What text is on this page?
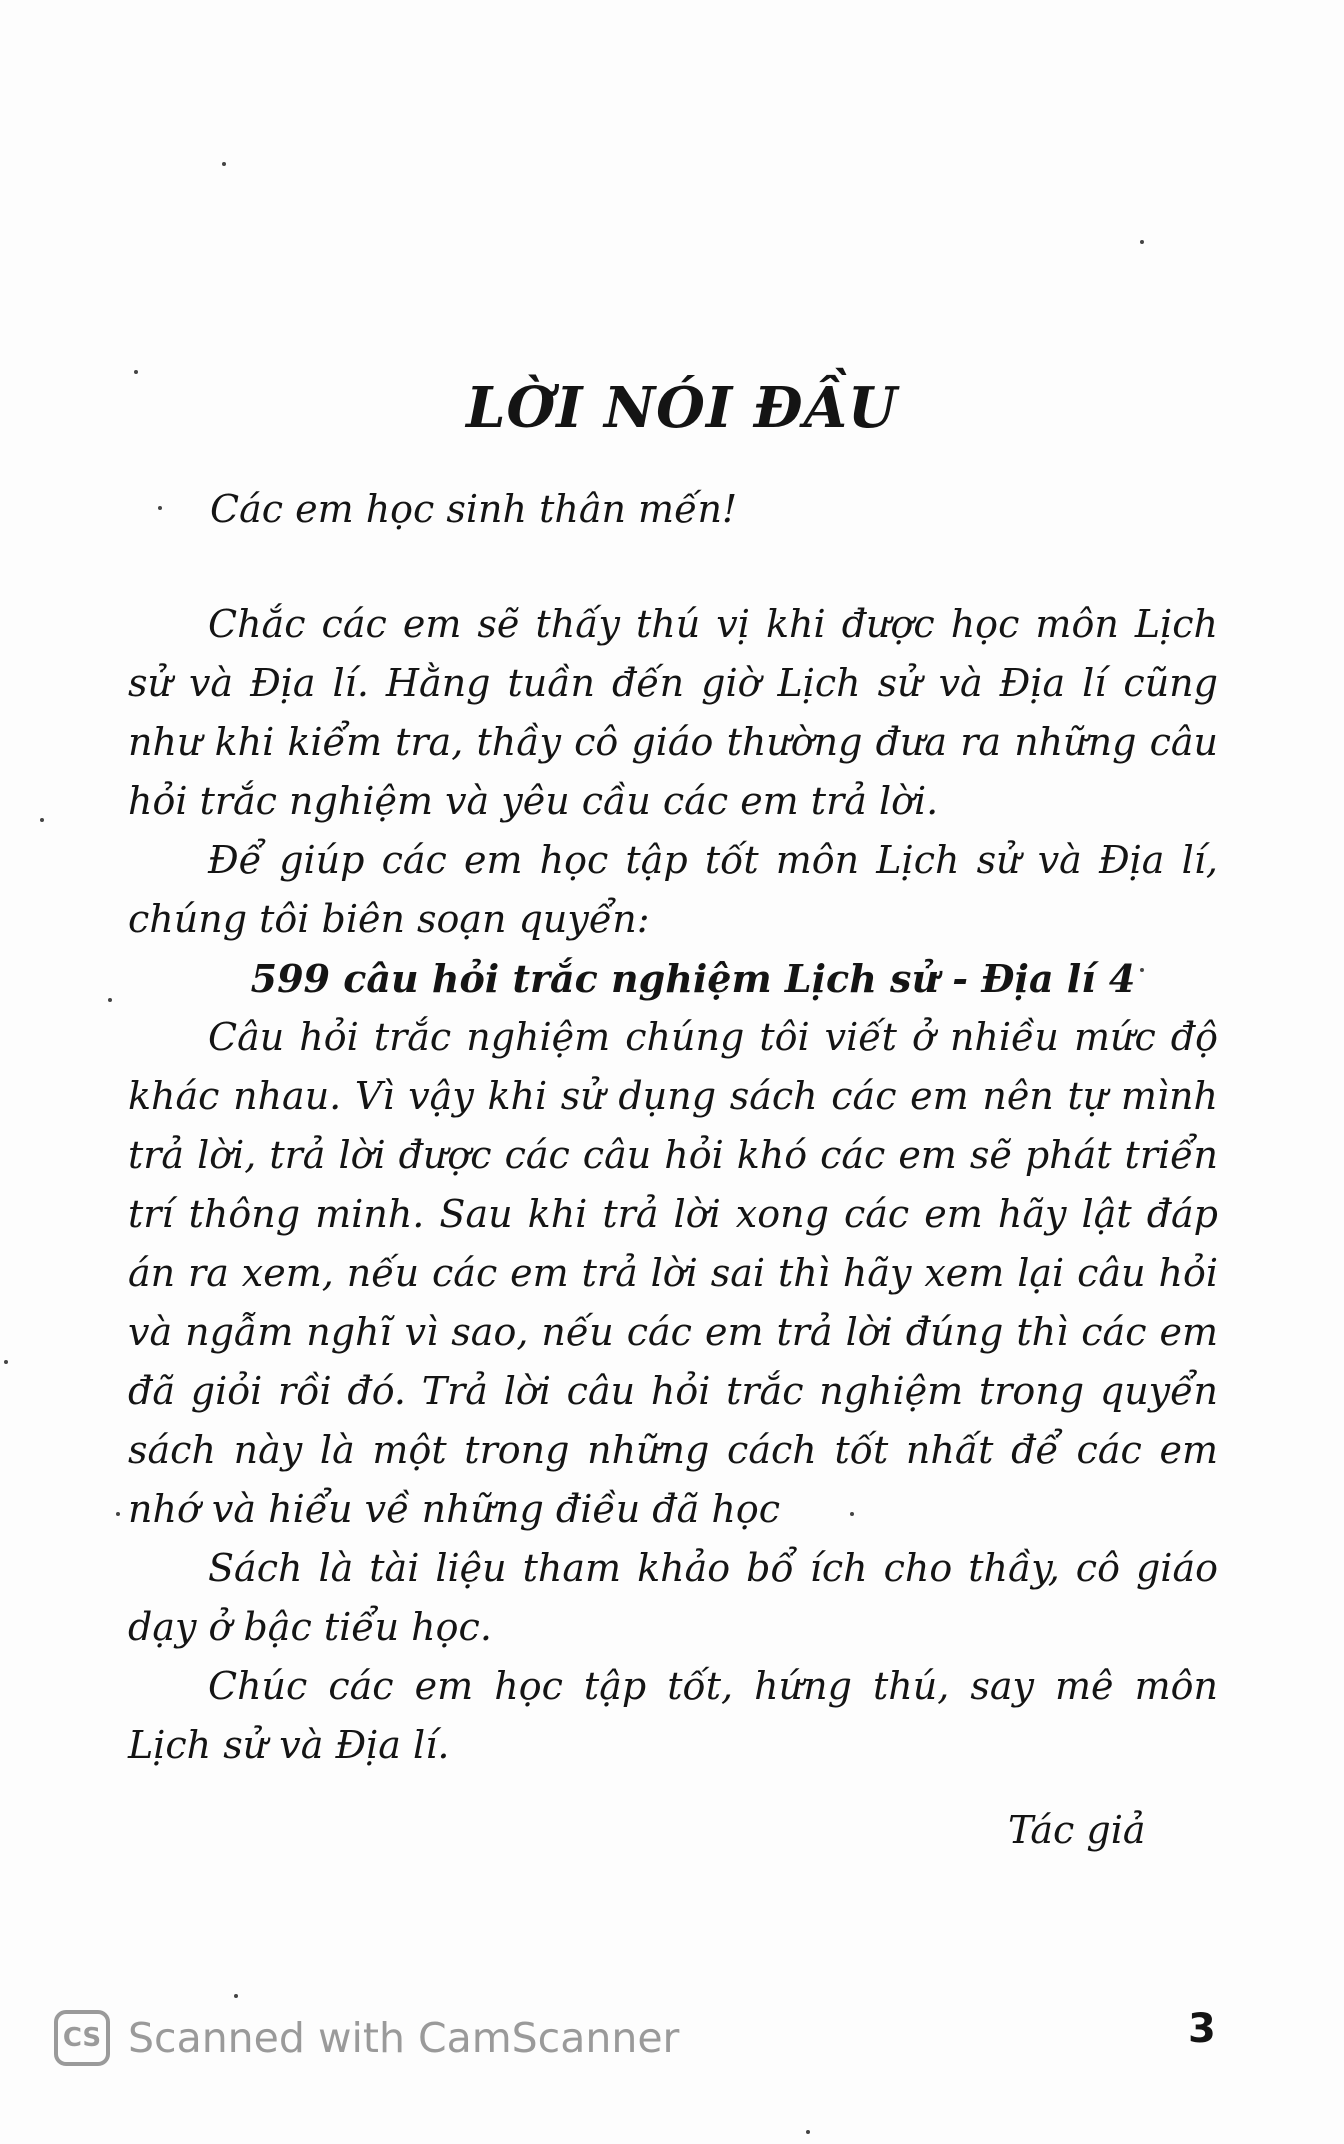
LỜI NÓI ĐẦU

Các em học sinh thân mến!

Chắc các em sẽ thấy thú vị khi được học môn Lịch sử và Địa lí. Hằng tuần đến giờ Lịch sử và Địa lí cũng như khi kiểm tra, thầy cô giáo thường đưa ra những câu hỏi trắc nghiệm và yêu cầu các em trả lời.

Để giúp các em học tập tốt môn Lịch sử và Địa lí, chúng tôi biên soạn quyển:

599 câu hỏi trắc nghiệm Lịch sử - Địa lí 4

Câu hỏi trắc nghiệm chúng tôi viết ở nhiều mức độ khác nhau. Vì vậy khi sử dụng sách các em nên tự mình trả lời, trả lời được các câu hỏi khó các em sẽ phát triển trí thông minh. Sau khi trả lời xong các em hãy lật đáp án ra xem, nếu các em trả lời sai thì hãy xem lại câu hỏi và ngẫm nghĩ vì sao, nếu các em trả lời đúng thì các em đã giỏi rồi đó. Trả lời câu hỏi trắc nghiệm trong quyển sách này là một trong những cách tốt nhất để các em nhớ và hiểu về những điều đã học

Sách là tài liệu tham khảo bổ ích cho thầy, cô giáo dạy ở bậc tiểu học.

Chúc các em học tập tốt, hứng thú, say mê môn Lịch sử và Địa lí.

Tác giả
CS Scanned with CamScanner	3
